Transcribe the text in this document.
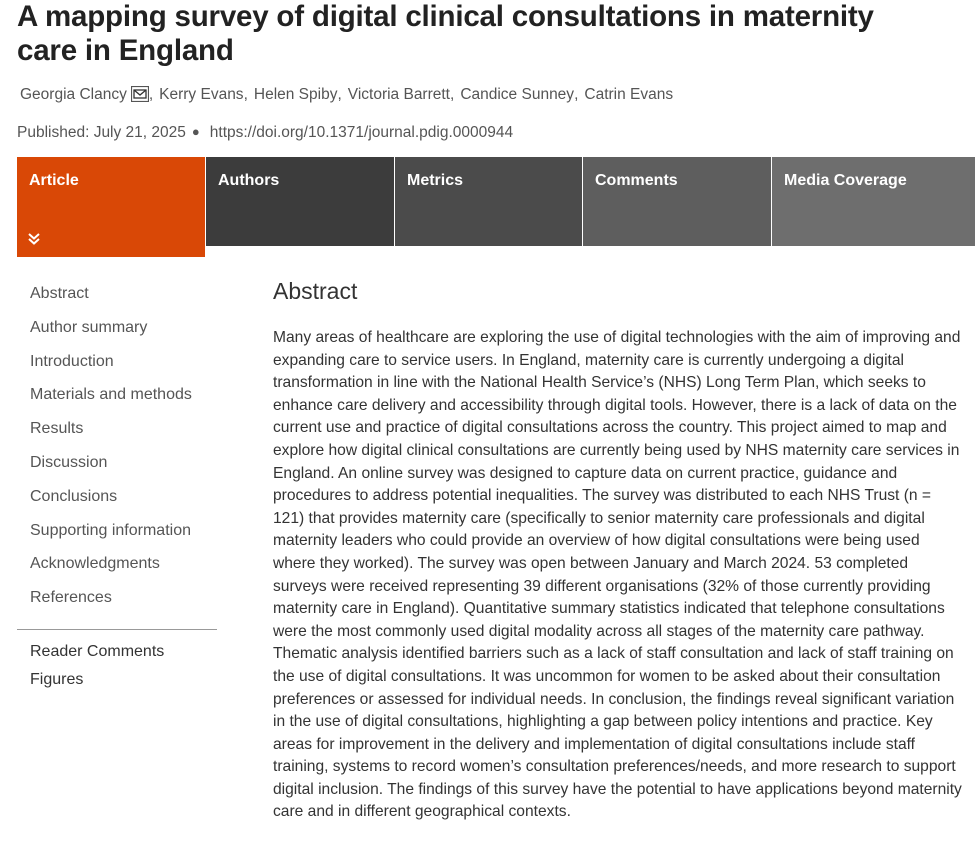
A mapping survey of digital clinical consultations in maternity care in England
Georgia Clancy , Kerry Evans, Helen Spiby, Victoria Barrett, Candice Sunney, Catrin Evans
Published: July 21, 2025 ● https://doi.org/10.1371/journal.pdig.0000944
Article	Authors	Metrics	Comments	Media Coverage
Abstract
Author summary
Introduction
Materials and methods
Results
Discussion
Conclusions
Supporting information
Acknowledgments
References
Reader Comments
Figures
Abstract

Many areas of healthcare are exploring the use of digital technologies with the aim of improving and expanding care to service users. In England, maternity care is currently undergoing a digital transformation in line with the National Health Service’s (NHS) Long Term Plan, which seeks to enhance care delivery and accessibility through digital tools. However, there is a lack of data on the current use and practice of digital consultations across the country. This project aimed to map and explore how digital clinical consultations are currently being used by NHS maternity care services in England. An online survey was designed to capture data on current practice, guidance and procedures to address potential inequalities. The survey was distributed to each NHS Trust (n = 121) that provides maternity care (specifically to senior maternity care professionals and digital maternity leaders who could provide an overview of how digital consultations were being used where they worked). The survey was open between January and March 2024. 53 completed surveys were received representing 39 different organisations (32% of those currently providing maternity care in England). Quantitative summary statistics indicated that telephone consultations were the most commonly used digital modality across all stages of the maternity care pathway. Thematic analysis identified barriers such as a lack of staff consultation and lack of staff training on the use of digital consultations. It was uncommon for women to be asked about their consultation preferences or assessed for individual needs. In conclusion, the findings reveal significant variation in the use of digital consultations, highlighting a gap between policy intentions and practice. Key areas for improvement in the delivery and implementation of digital consultations include staff training, systems to record women’s consultation preferences/needs, and more research to support digital inclusion. The findings of this survey have the potential to have applications beyond maternity care and in different geographical contexts.
